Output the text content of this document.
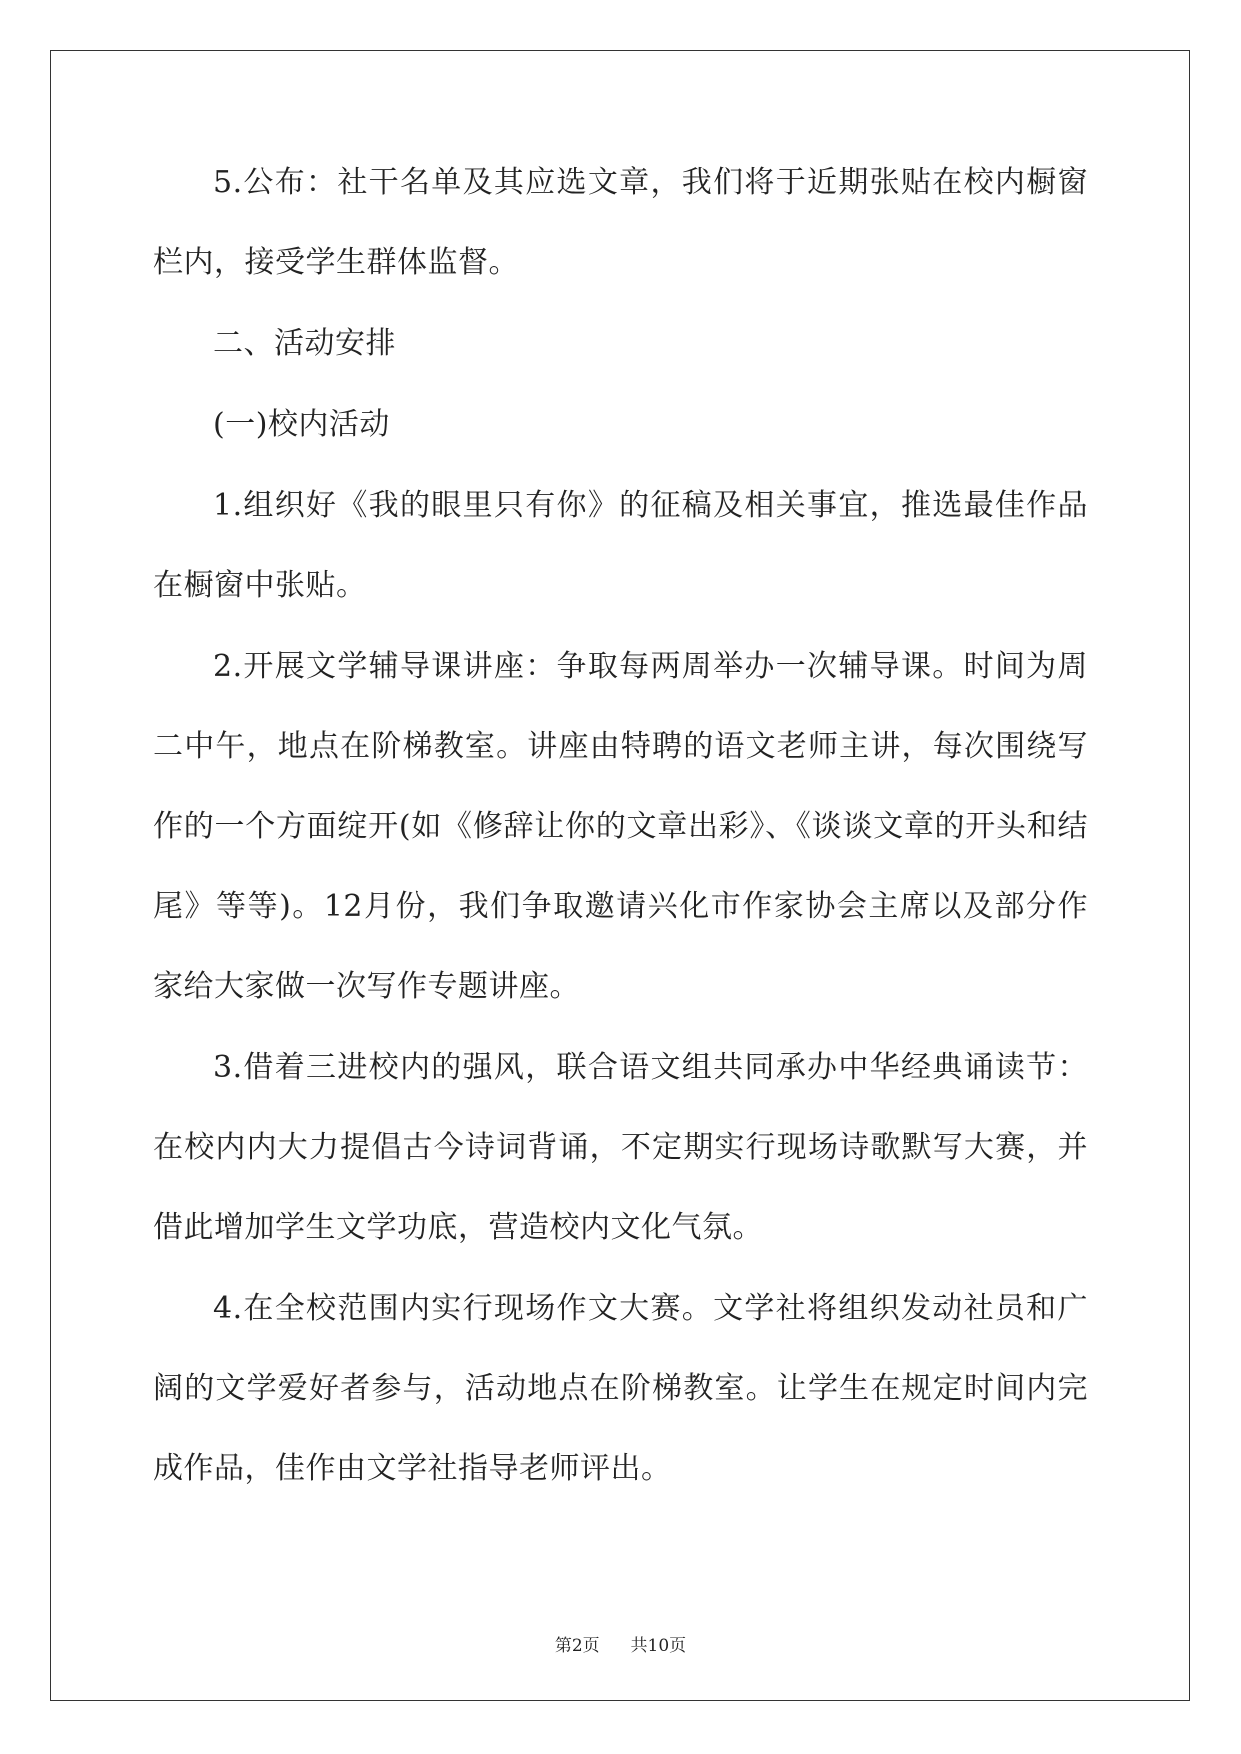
5.公布：社干名单及其应选文章，我们将于近期张贴在校内橱窗
栏内，接受学生群体监督。
二、活动安排
(一)校内活动
1.组织好《我的眼里只有你》的征稿及相关事宜，推选最佳作品
在橱窗中张贴。
2.开展文学辅导课讲座：争取每两周举办一次辅导课。时间为周
二中午，地点在阶梯教室。讲座由特聘的语文老师主讲，每次围绕写
作的一个方面绽开(如《修辞让你的文章出彩》、《谈谈文章的开头和结
尾》等等)。12月份，我们争取邀请兴化市作家协会主席以及部分作
家给大家做一次写作专题讲座。
3.借着三进校内的强风，联合语文组共同承办中华经典诵读节：
在校内内大力提倡古今诗词背诵，不定期实行现场诗歌默写大赛，并
借此增加学生文学功底，营造校内文化气氛。
4.在全校范围内实行现场作文大赛。文学社将组织发动社员和广
阔的文学爱好者参与，活动地点在阶梯教室。让学生在规定时间内完
成作品，佳作由文学社指导老师评出。
第2页 共10页
